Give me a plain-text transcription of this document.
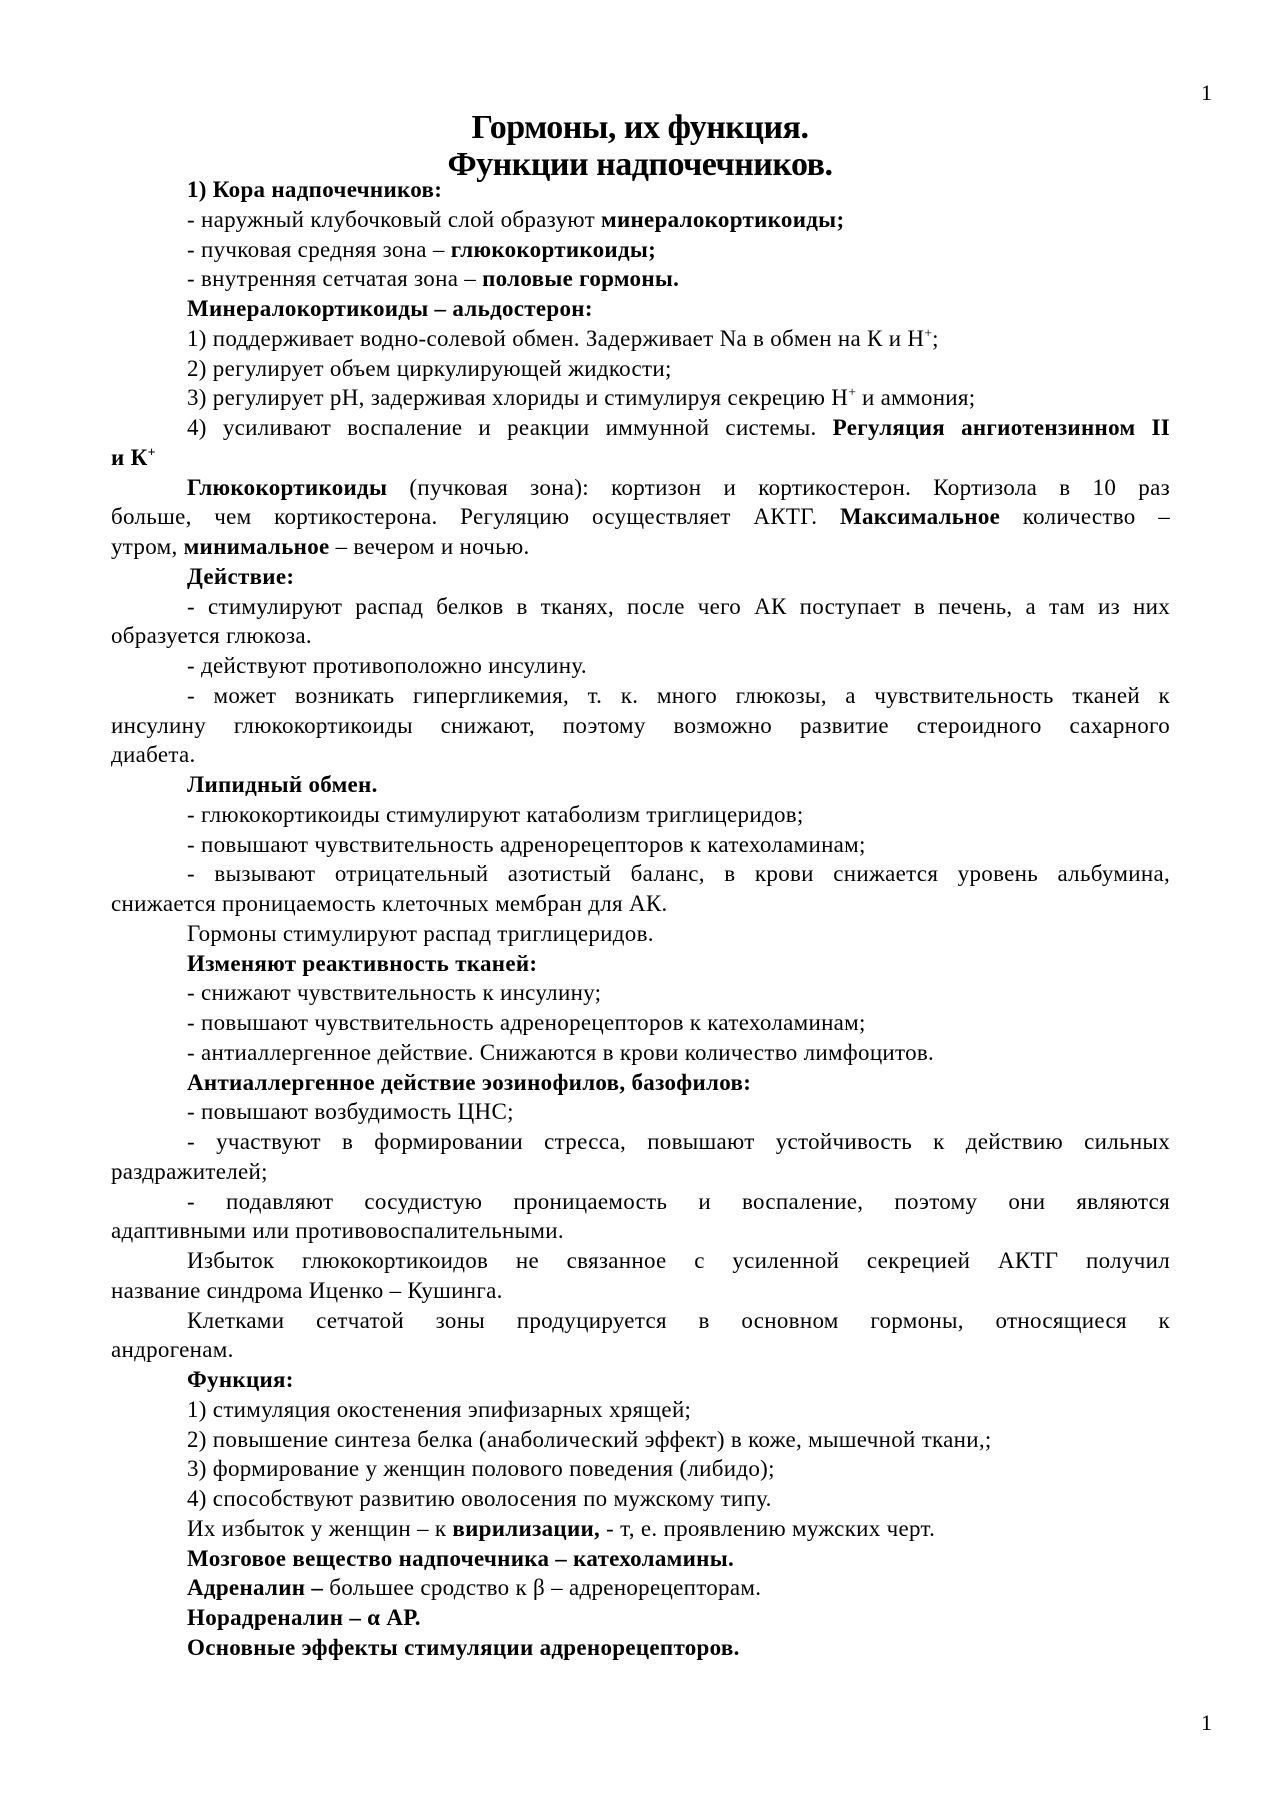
1
Гормоны, их функция.
Функции надпочечников.
1) Кора надпочечников:
- наружный клубочковый слой образуют минералокортикоиды;
- пучковая средняя зона – глюкокортикоиды;
- внутренняя сетчатая зона – половые гормоны.
Минералокортикоиды – альдостерон:
1) поддерживает водно-солевой обмен. Задерживает Na в обмен на К и Н+;
2) регулирует объем циркулирующей жидкости;
3) регулирует рН, задерживая хлориды и стимулируя секрецию Н+ и аммония;
4) усиливают воспаление и реакции иммунной системы. Регуляция ангиотензинном II
и К+
Глюкокортикоиды (пучковая зона): кортизон и кортикостерон. Кортизола в 10 раз
больше, чем кортикостерона. Регуляцию осуществляет АКТГ. Максимальное количество –
утром, минимальное – вечером и ночью.
Действие:
- стимулируют распад белков в тканях, после чего АК поступает в печень, а там из них
образуется глюкоза.
- действуют противоположно инсулину.
- может возникать гипергликемия, т. к. много глюкозы, а чувствительность тканей к
инсулину глюкокортикоиды снижают, поэтому возможно развитие стероидного сахарного
диабета.
Липидный обмен.
- глюкокортикоиды стимулируют катаболизм триглицеридов;
- повышают чувствительность адренорецепторов к катехоламинам;
- вызывают отрицательный азотистый баланс, в крови снижается уровень альбумина,
снижается проницаемость клеточных мембран для АК.
Гормоны стимулируют распад триглицеридов.
Изменяют реактивность тканей:
- снижают чувствительность к инсулину;
- повышают чувствительность адренорецепторов к катехоламинам;
- антиаллергенное действие. Снижаются в крови количество лимфоцитов.
Антиаллергенное действие эозинофилов, базофилов:
- повышают возбудимость ЦНС;
- участвуют в формировании стресса, повышают устойчивость к действию сильных
раздражителей;
- подавляют сосудистую проницаемость и воспаление, поэтому они являются
адаптивными или противовоспалительными.
Избыток глюкокортикоидов не связанное с усиленной секрецией АКТГ получил
название синдрома Иценко – Кушинга.
Клетками сетчатой зоны продуцируется в основном гормоны, относящиеся к
андрогенам.
Функция:
1) стимуляция окостенения эпифизарных хрящей;
2) повышение синтеза белка (анаболический эффект) в коже, мышечной ткани,;
3) формирование у женщин полового поведения (либидо);
4) способствуют развитию оволосения по мужскому типу.
Их избыток у женщин – к вирилизации, - т, е. проявлению мужских черт.
Мозговое вещество надпочечника – катехоламины.
Адреналин – большее сродство к β – адренорецепторам.
Норадреналин – α АР.
Основные эффекты стимуляции адренорецепторов.
1
